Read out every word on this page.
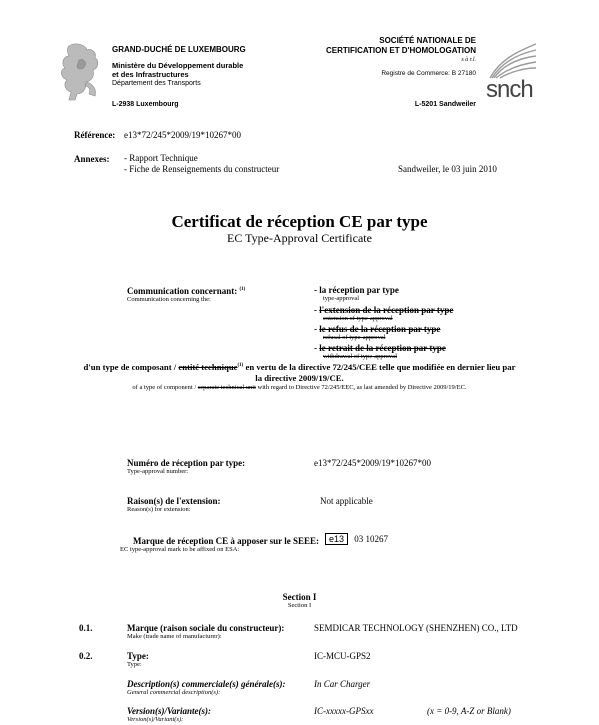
GRAND-DUCHÉ DE LUXEMBOURG
Ministère du Développement durable
et des Infrastructures
Département des Transports
L-2938 Luxembourg
SOCIÉTÉ NATIONALE DE
CERTIFICATION ET D'HOMOLOGATION
s à r.l.
Registre de Commerce: B 27180
L-5201 Sandweiler
snch
Référence: e13*72/245*2009/19*10267*00
Annexes: - Rapport Technique
- Fiche de Renseignements du constructeur	Sandweiler, le 03 juin 2010
Certificat de réception CE par type
EC Type-Approval Certificate
Communication concernant: $^{(1)}$
Communication concerning the:
- la réception par type
type-approval
- l'extension de la réception par type
extension of type-approval
- le refus de la réception par type
refusal of type-approval
- le retrait de la réception par type
withdrawal of type-approval
d'un type de composant / entité technique$^{(1)}$ en vertu de la directive 72/245/CEE telle que modifiée en dernier lieu par
la directive 2009/19/CE.
of a type of component / separate technical unit with regard to Directive 72/245/EEC, as last amended by Directive 2009/19/EC.
Numéro de réception par type:
Type-approval number:
e13*72/245*2009/19*10267*00
Raison(s) de l'extension:
Reason(s) for extension:
Not applicable
Marque de réception CE à apposer sur le SEEE:
EC type-approval mark to be affixed on ESA:
e13 03 10267
Section I
Section I
0.1.	Marque (raison sociale du constructeur):
Make (trade name of manufacturer):
SEMDICAR TECHNOLOGY (SHENZHEN) CO., LTD
0.2.	Type:
Type:
IC-MCU-GPS2
Description(s) commerciale(s) générale(s):
General commercial description(s):
In Car Charger
Version(s)/Variante(s):
Version(s)/Variant(s):
IC-xxxxx-GPSxx	(x = 0-9, A-Z or Blank)
